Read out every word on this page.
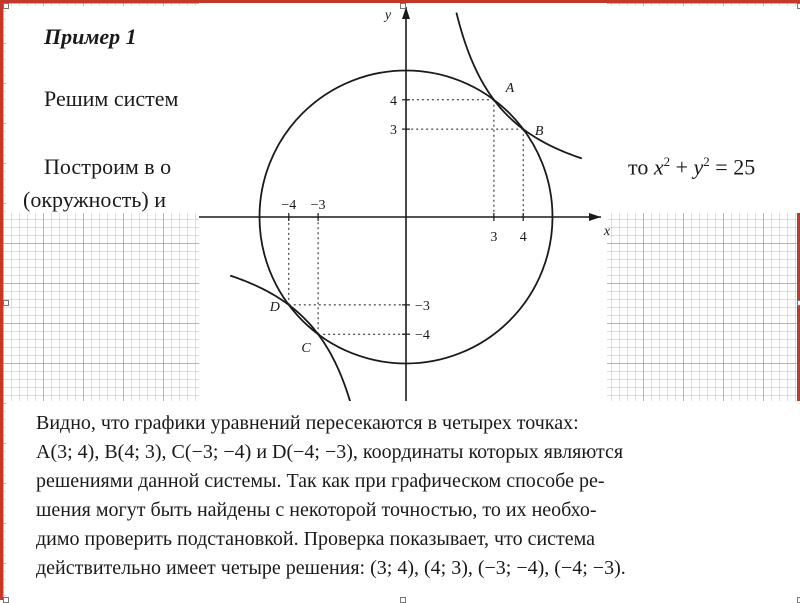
Пример 1

Решим систем

Построим в о

(окружность) и

то $x^2 + y^2 = 25$
x
y
−4 −3
3 4
4
3
−3
−4
A
B
C
D

Видно, что графики уравнений пересекаются в четырех точках:
A(3; 4), B(4; 3), C(−3; −4) и D(−4; −3), координаты которых являются
решениями данной системы. Так как при графическом способе ре-
шения могут быть найдены с некоторой точностью, то их необхо-
димо проверить подстановкой. Проверка показывает, что система
действительно имеет четыре решения: (3; 4), (4; 3), (−3; −4), (−4; −3).
